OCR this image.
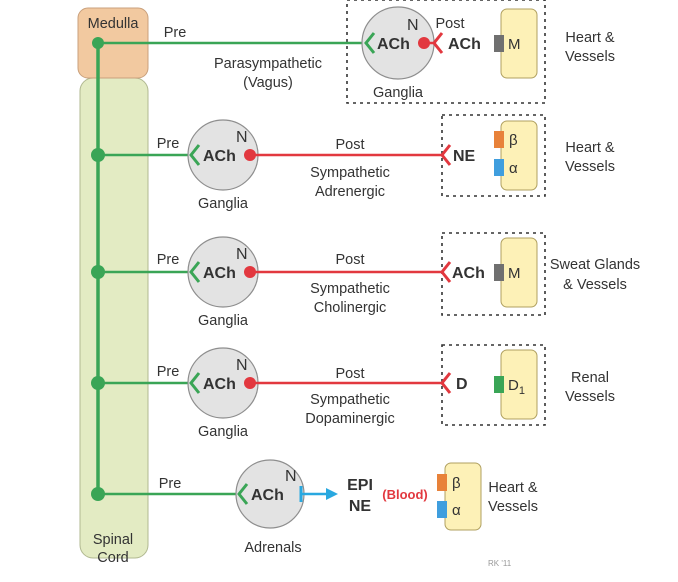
Medulla
Spinal
Cord
Pre
Parasympathetic
(Vagus)
ACh
N Post
ACh M
Ganglia
Heart &
Vessels
Pre
ACh
N	Post
Sympathetic
Adrenergic
NE
β
α
Ganglia
Heart &
Vessels
Pre
ACh
N	Post
Sympathetic
Cholinergic
ACh M
Ganglia
Sweat Glands
& Vessels
Pre
ACh
N	Post
Sympathetic
Dopaminergic
D	$D_1$
Ganglia
Renal
Vessels
Pre
ACh
N
EPI
NE
(Blood)
β
α
Adrenals
Heart &
Vessels
RK '11
